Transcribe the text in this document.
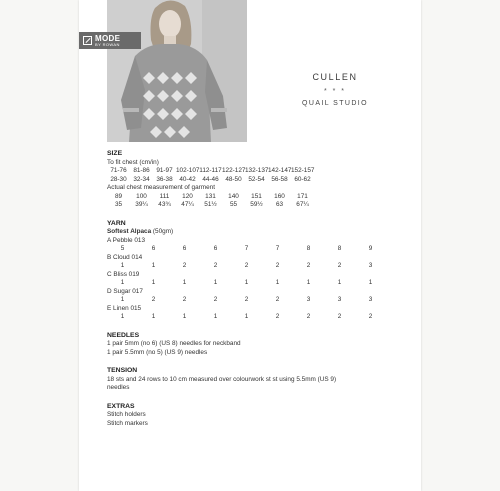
MODE
BY ROWAN
CULLEN
* * *
QUAIL STUDIO
SIZE
To fit chest (cm/in)
71-76	81-86	91-97 102-107 112-117 122-127 132-137 142-147 152-157
28-30	32-34	36-38	40-42	44-46	48-50	52-54	56-58	60-62
Actual chest measurement of garment
89	100	111	120	131	140	151	160	171
35	39¼	43¾	47¼	51½	55	59½	63	67¼
YARN
Softest Alpaca (50gm)
A Pebble 013
5	6	6	6	7	7	8	8	9
B Cloud 014
1	1	2	2	2	2	2	2	3
C Bliss 019
1	1	1	1	1	1	1	1	1
D Sugar 017
1	2	2	2	2	2	3	3	3
E Linen 015
1	1	1	1	1	2	2	2	2
NEEDLES
1 pair 5mm (no 6) (US 8) needles for neckband
1 pair 5.5mm (no 5) (US 9) needles
TENSION
18 sts and 24 rows to 10 cm measured over colourwork st st using 5.5mm (US 9)
needles
EXTRAS
Stitch holders
Stitch markers
